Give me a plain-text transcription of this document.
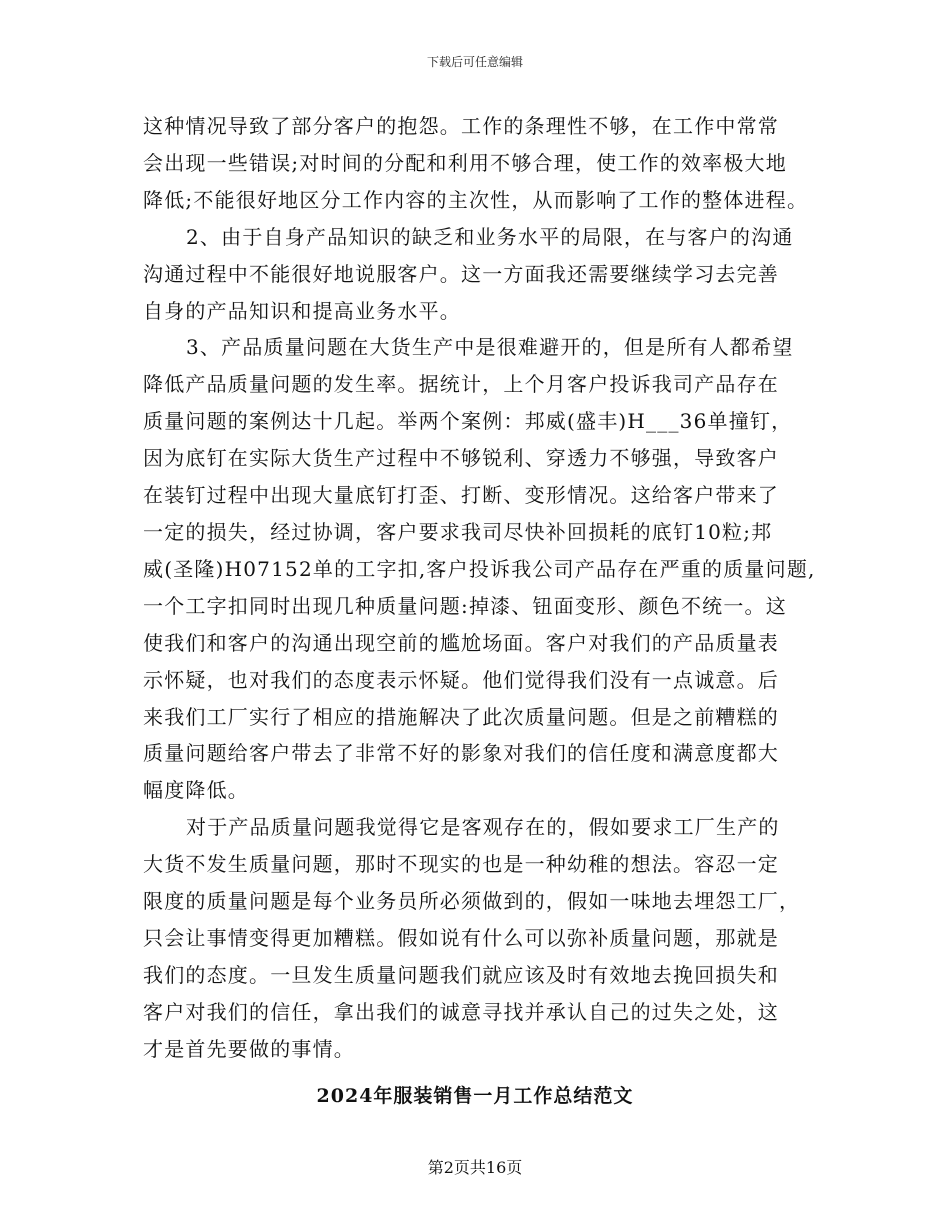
下载后可任意编辑
这种情况导致了部分客户的抱怨。工作的条理性不够，在工作中常常
会出现一些错误;对时间的分配和利用不够合理，使工作的效率极大地
降低;不能很好地区分工作内容的主次性，从而影响了工作的整体进程。
2、由于自身产品知识的缺乏和业务水平的局限，在与客户的沟通
沟通过程中不能很好地说服客户。这一方面我还需要继续学习去完善
自身的产品知识和提高业务水平。
3、产品质量问题在大货生产中是很难避开的，但是所有人都希望
降低产品质量问题的发生率。据统计，上个月客户投诉我司产品存在
质量问题的案例达十几起。举两个案例：邦威(盛丰)H___36单撞钉，
因为底钉在实际大货生产过程中不够锐利、穿透力不够强，导致客户
在装钉过程中出现大量底钉打歪、打断、变形情况。这给客户带来了
一定的损失，经过协调，客户要求我司尽快补回损耗的底钉10粒;邦
威(圣隆)H07152单的工字扣,客户投诉我公司产品存在严重的质量问题,
一个工字扣同时出现几种质量问题:掉漆、钮面变形、颜色不统一。这
使我们和客户的沟通出现空前的尴尬场面。客户对我们的产品质量表
示怀疑，也对我们的态度表示怀疑。他们觉得我们没有一点诚意。后
来我们工厂实行了相应的措施解决了此次质量问题。但是之前糟糕的
质量问题给客户带去了非常不好的影象对我们的信任度和满意度都大
幅度降低。
对于产品质量问题我觉得它是客观存在的，假如要求工厂生产的
大货不发生质量问题，那时不现实的也是一种幼稚的想法。容忍一定
限度的质量问题是每个业务员所必须做到的，假如一味地去埋怨工厂，
只会让事情变得更加糟糕。假如说有什么可以弥补质量问题，那就是
我们的态度。一旦发生质量问题我们就应该及时有效地去挽回损失和
客户对我们的信任，拿出我们的诚意寻找并承认自己的过失之处，这
才是首先要做的事情。
2024年服装销售一月工作总结范文
第2页共16页
